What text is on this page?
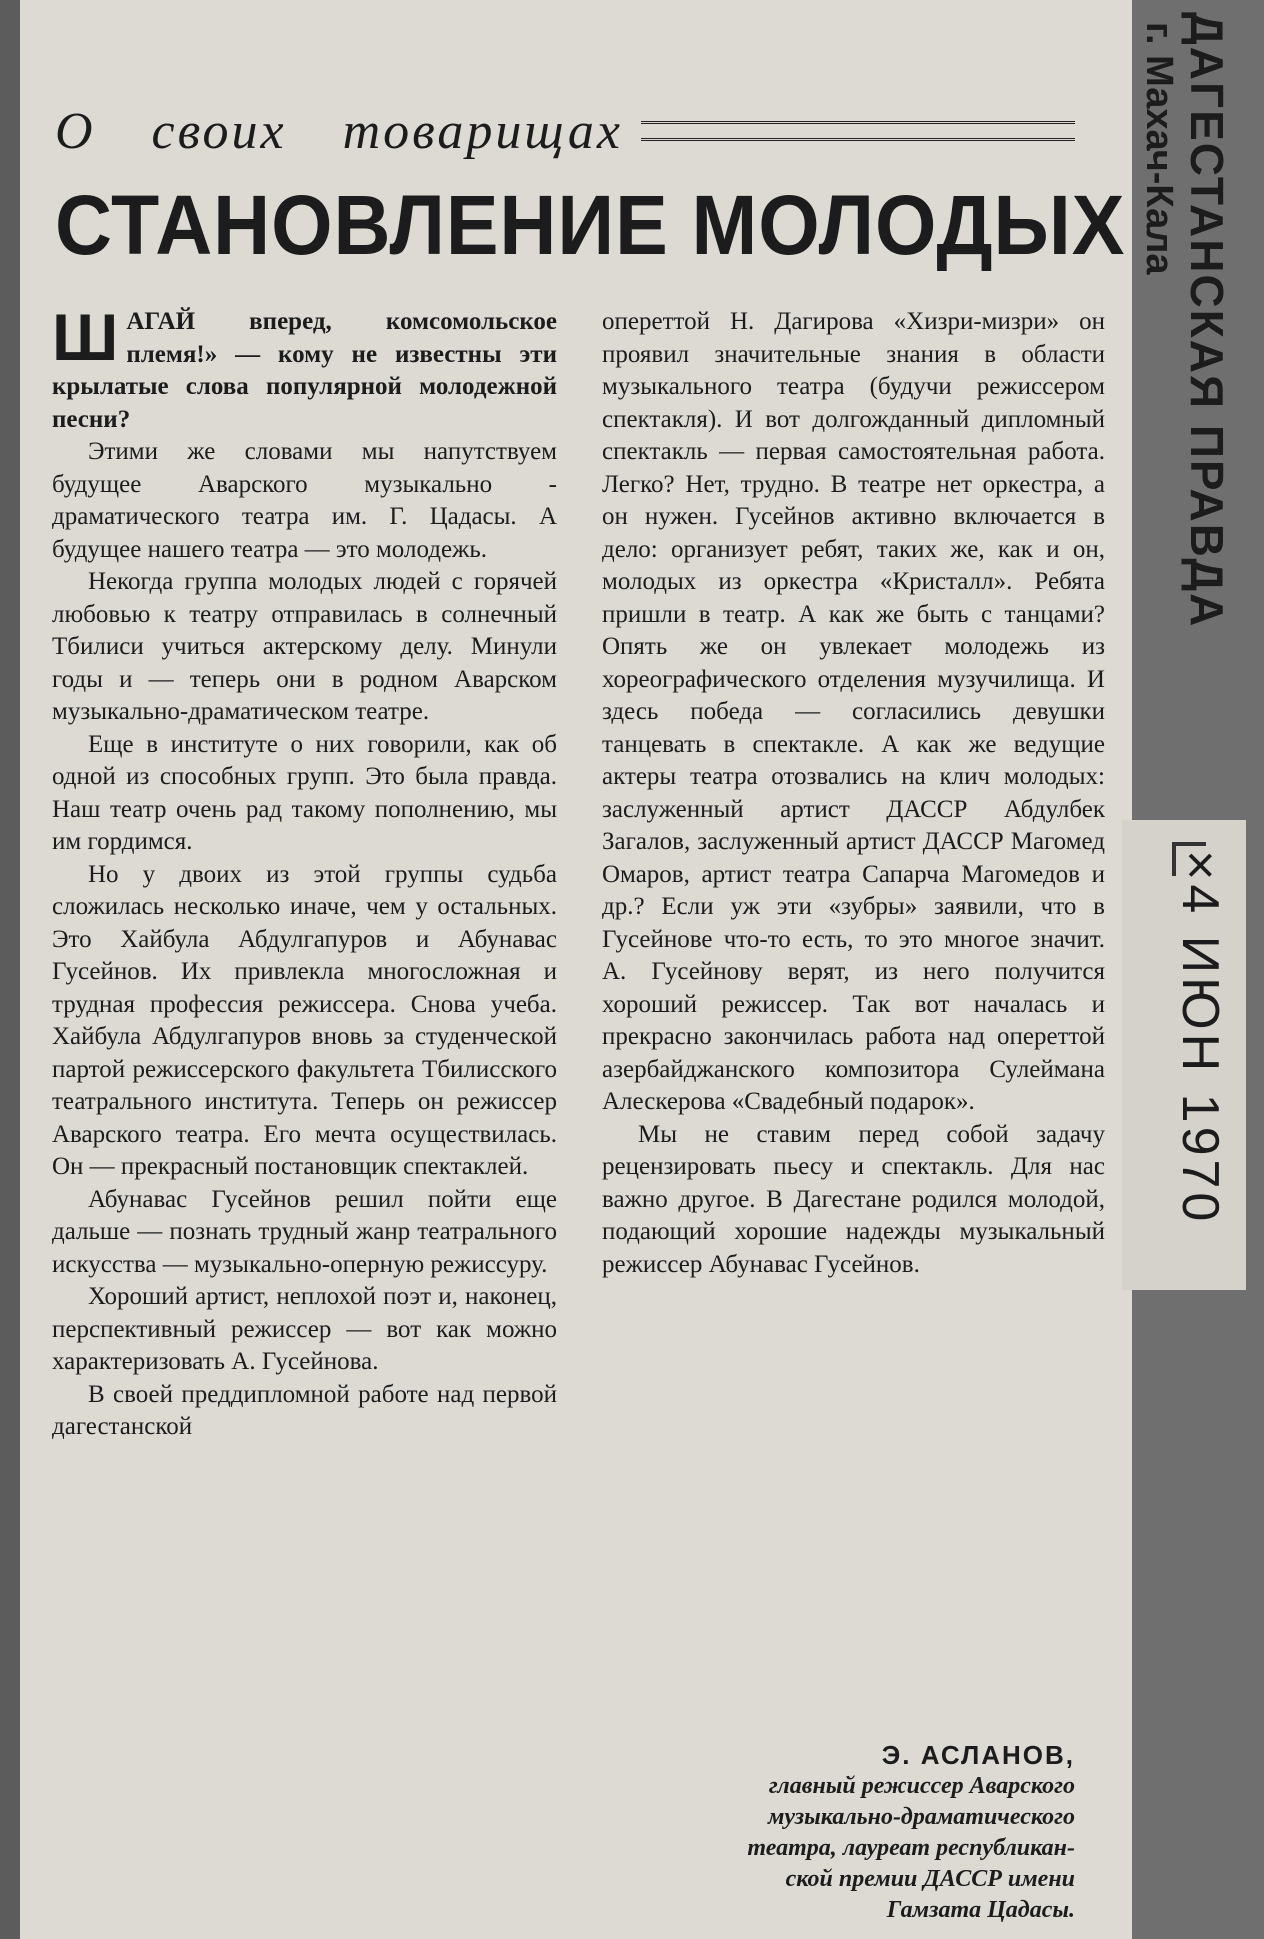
ДАГЕСТАНСКАЯ ПРАВДА
г. Махач-Кала
×4 ИЮН 1970
О своих товарищах
СТАНОВЛЕНИЕ МОЛОДЫХ

ШАГАЙ вперед, комсомольское племя!» — кому не известны эти крылатые слова популярной молодежной песни?

Этими же словами мы напутствуем будущее Аварского музыкально - драматического театра им. Г. Цадасы. А будущее нашего театра — это молодежь.

Некогда группа молодых людей с горячей любовью к театру отправилась в солнечный Тбилиси учиться актерскому делу. Минули годы и — теперь они в родном Аварском музыкально-драматическом театре.

Еще в институте о них говорили, как об одной из способных групп. Это была правда. Наш театр очень рад такому пополнению, мы им гордимся.

Но у двоих из этой группы судьба сложилась несколько иначе, чем у остальных. Это Хайбула Абдулгапуров и Абунавас Гусейнов. Их привлекла многосложная и трудная профессия режиссера. Снова учеба. Хайбула Абдулгапуров вновь за студенческой партой режиссерского факультета Тбилисского театрального института. Теперь он режиссер Аварского театра. Его мечта осуществилась. Он — прекрасный постановщик спектаклей.

Абунавас Гусейнов решил пойти еще дальше — познать трудный жанр театрального искусства — музыкально-оперную режиссуру.

Хороший артист, неплохой поэт и, наконец, перспективный режиссер — вот как можно характеризовать А. Гусейнова.

В своей преддипломной работе над первой дагестанской

опереттой Н. Дагирова «Хизри-мизри» он проявил значительные знания в области музыкального театра (будучи режиссером спектакля). И вот долгожданный дипломный спектакль — первая самостоятельная работа. Легко? Нет, трудно. В театре нет оркестра, а он нужен. Гусейнов активно включается в дело: организует ребят, таких же, как и он, молодых из оркестра «Кристалл». Ребята пришли в театр. А как же быть с танцами? Опять же он увлекает молодежь из хореографического отделения музучилища. И здесь победа — согласились девушки танцевать в спектакле. А как же ведущие актеры театра отозвались на клич молодых: заслуженный артист ДАССР Абдулбек Загалов, заслуженный артист ДАССР Магомед Омаров, артист театра Сапарча Магомедов и др.? Если уж эти «зубры» заявили, что в Гусейнове что-то есть, то это многое значит. А. Гусейнову верят, из него получится хороший режиссер. Так вот началась и прекрасно закончилась работа над опереттой азербайджанского композитора Сулеймана Алескерова «Свадебный подарок».

Мы не ставим перед собой задачу рецензировать пьесу и спектакль. Для нас важно другое. В Дагестане родился молодой, подающий хорошие надежды музыкальный режиссер Абунавас Гусейнов.

Э. АСЛАНОВ,
главный режиссер Аварского
музыкально-драматического
театра, лауреат республикан-
ской премии ДАССР имени
Гамзата Цадасы.
